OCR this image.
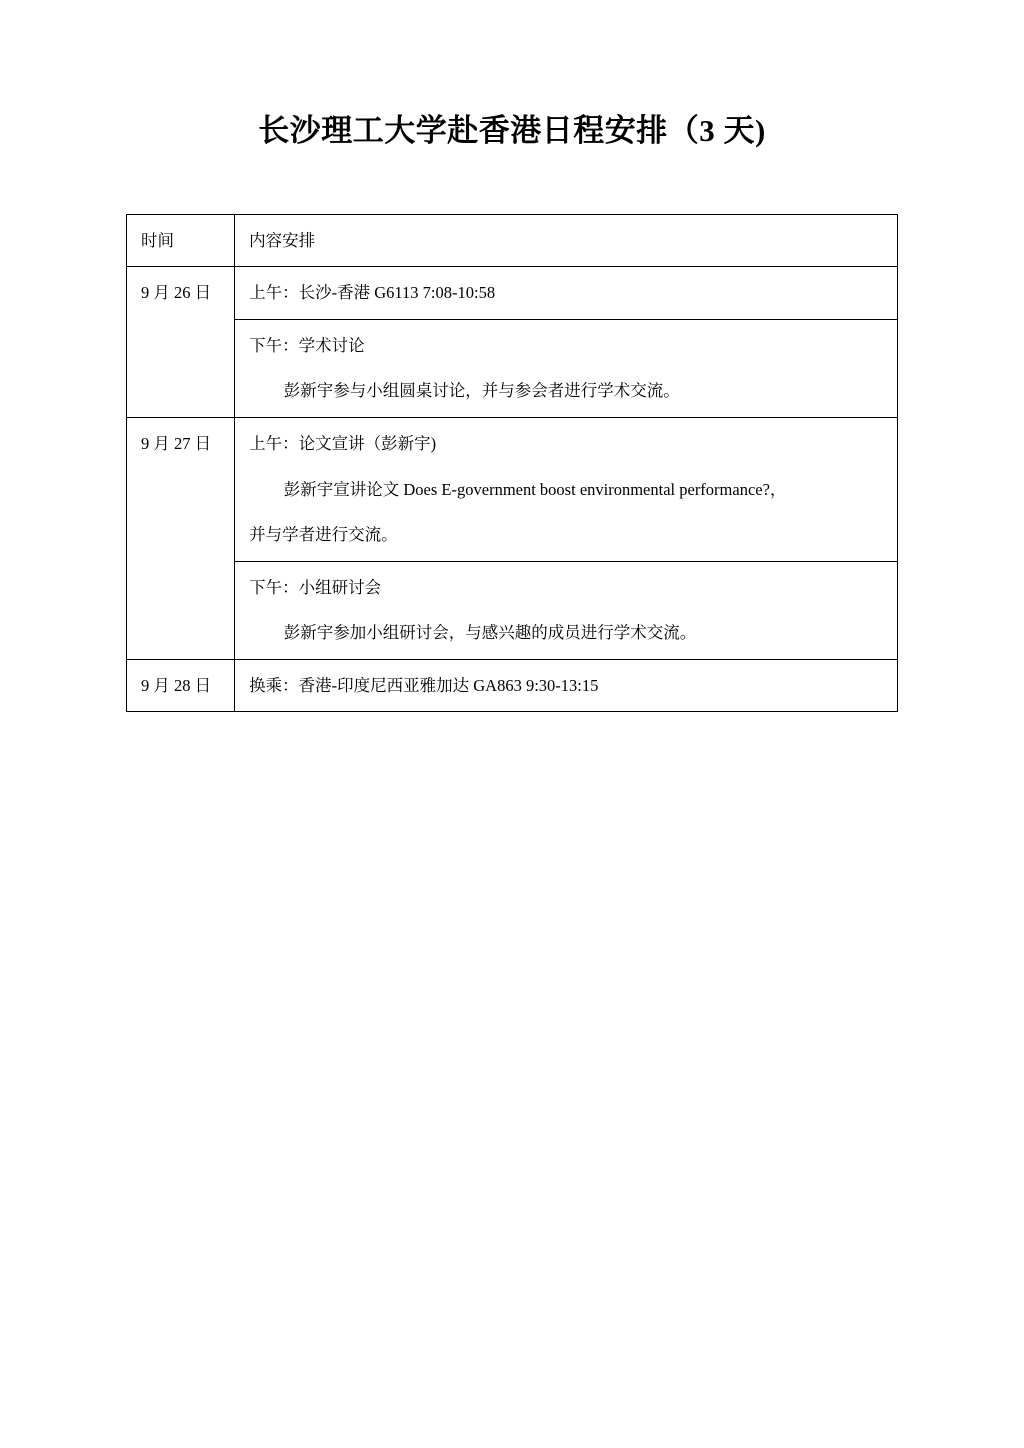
长沙理工大学赴香港日程安排（3 天)
时间	内容安排
9 月 26 日	上午：长沙-香港 G6113 7:08-10:58

	下午：学术讨论

彭新宇参与小组圆桌讨论，并与参会者进行学术交流。

9 月 27 日	上午：论文宣讲（彭新宇)

彭新宇宣讲论文 Does E-government boost environmental performance?，

并与学者进行交流。

	下午：小组研讨会

彭新宇参加小组研讨会，与感兴趣的成员进行学术交流。

9 月 28 日	换乘：香港-印度尼西亚雅加达 GA863 9:30-13:15
